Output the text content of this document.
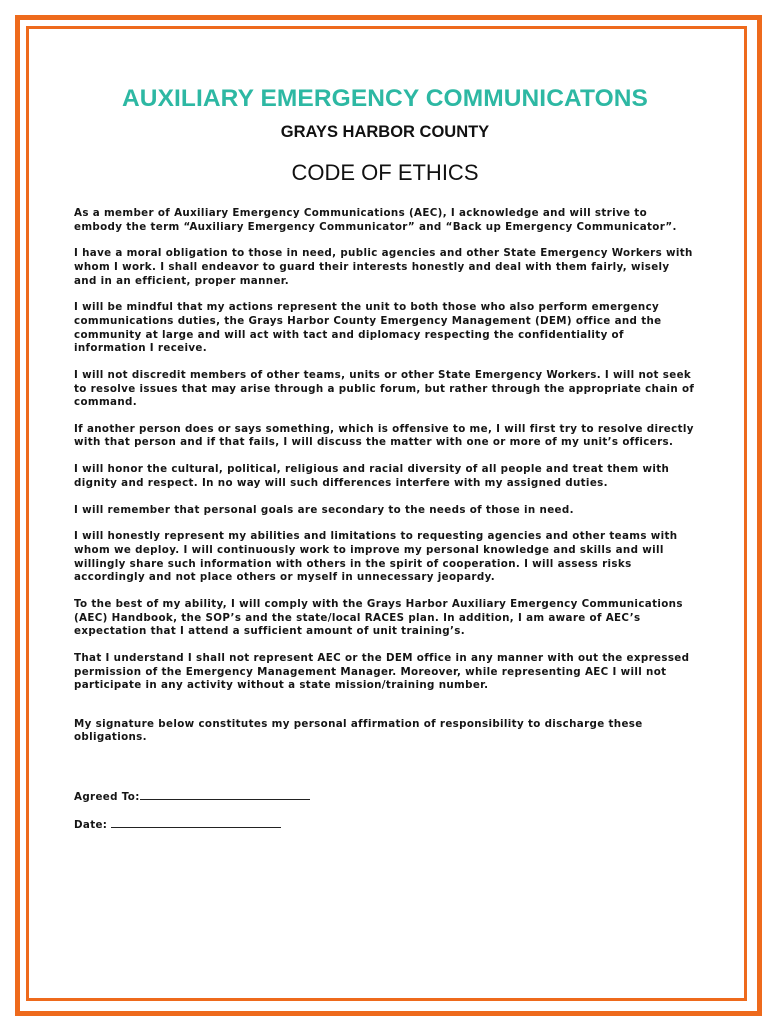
AUXILIARY EMERGENCY COMMUNICATONS
GRAYS HARBOR COUNTY
CODE OF ETHICS

As a member of Auxiliary Emergency Communications (AEC), I acknowledge and will strive to embody the term “Auxiliary Emergency Communicator” and “Back up Emergency Communicator”.

I have a moral obligation to those in need, public agencies and other State Emergency Workers with whom I work. I shall endeavor to guard their interests honestly and deal with them fairly, wisely and in an efficient, proper manner.

I will be mindful that my actions represent the unit to both those who also perform emergency communications duties, the Grays Harbor County Emergency Management (DEM) office and the community at large and will act with tact and diplomacy respecting the confidentiality of information I receive.

I will not discredit members of other teams, units or other State Emergency Workers. I will not seek to resolve issues that may arise through a public forum, but rather through the appropriate chain of command.

If another person does or says something, which is offensive to me, I will first try to resolve directly with that person and if that fails, I will discuss the matter with one or more of my unit’s officers.

I will honor the cultural, political, religious and racial diversity of all people and treat them with dignity and respect. In no way will such differences interfere with my assigned duties.

I will remember that personal goals are secondary to the needs of those in need.

I will honestly represent my abilities and limitations to requesting agencies and other teams with whom we deploy. I will continuously work to improve my personal knowledge and skills and will willingly share such information with others in the spirit of cooperation. I will assess risks accordingly and not place others or myself in unnecessary jeopardy.

To the best of my ability, I will comply with the Grays Harbor Auxiliary Emergency Communications (AEC) Handbook, the SOP’s and the state/local RACES plan. In addition, I am aware of AEC’s expectation that I attend a sufficient amount of unit training’s.

That I understand I shall not represent AEC or the DEM office in any manner with out the expressed permission of the Emergency Management Manager. Moreover, while representing AEC I will not participate in any activity without a state mission/training number.

My signature below constitutes my personal affirmation of responsibility to discharge these obligations.

Agreed To:
Date:
